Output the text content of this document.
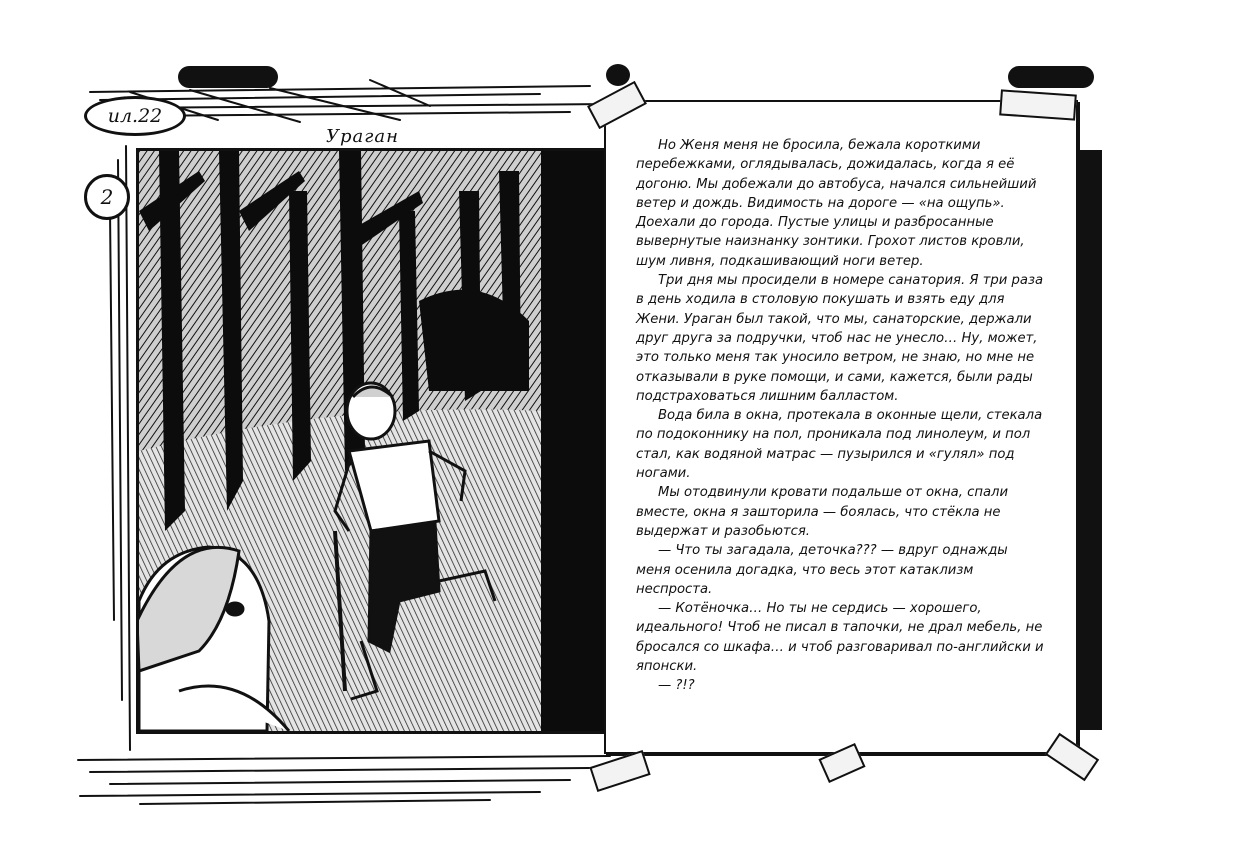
ил.22
Ураган
2

Но Женя меня не бросила, бежала короткими перебежками, оглядывалась, дожидалась, когда я её догоню. Мы добежали до автобуса, начался сильнейший ветер и дождь. Видимость на дороге — «на ощупь». Доехали до города. Пустые улицы и разбросанные вывернутые наизнанку зонтики. Грохот листов кровли, шум ливня, подкашивающий ноги ветер.

Три дня мы просидели в номере санатория. Я три раза в день ходила в столовую покушать и взять еду для Жени. Ураган был такой, что мы, санаторские, держали друг друга за подручки, чтоб нас не унесло… Ну, может, это только меня так уносило ветром, не знаю, но мне не отказывали в руке помощи, и сами, кажется, были рады подстраховаться лишним балластом.

Вода била в окна, протекала в оконные щели, стекала по подоконнику на пол, проникала под линолеум, и пол стал, как водяной матрас — пузырился и «гулял» под ногами.

Мы отодвинули кровати подальше от окна, спали вместе, окна я зашторила — боялась, что стёкла не выдержат и разобьются.

— Что ты загадала, деточка??? — вдруг однажды меня осенила догадка, что весь этот катаклизм неспроста.

— Котёночка… Но ты не сердись — хорошего, идеального! Чтоб не писал в тапочки, не драл мебель, не бросался со шкафа… и чтоб разговаривал по-английски и японски.

— ?!?
